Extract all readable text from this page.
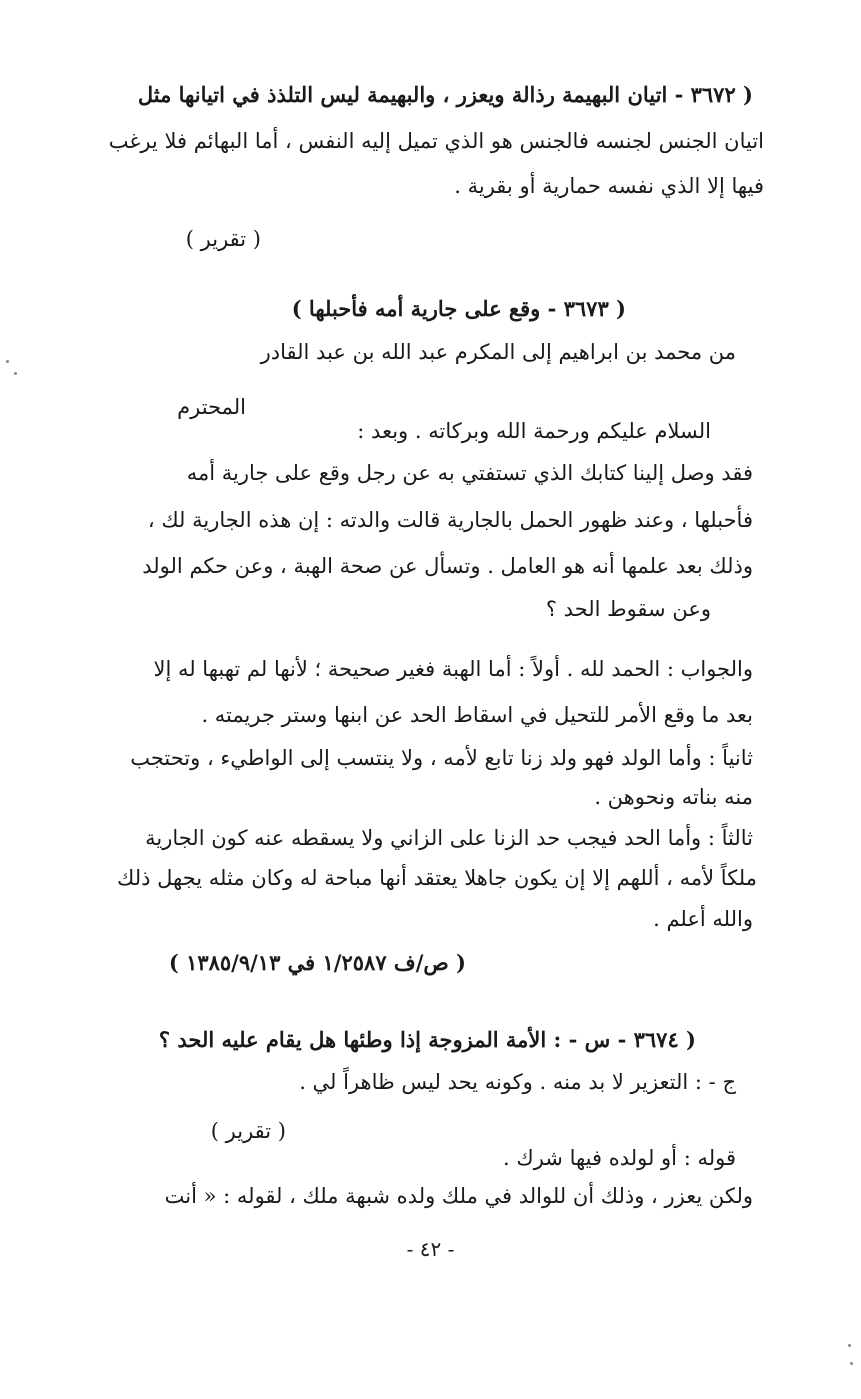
( ٣٦٧٢ - اتيان البهيمة رذالة ويعزر ، والبهيمة ليس التلذذ في اتيانها مثل
اتيان الجنس لجنسه فالجنس هو الذي تميل إليه النفس ، أما البهائم فلا يرغب
فيها إلا الذي نفسه حمارية أو بقرية .
( تقرير )
( ٣٦٧٣ - وقع على جارية أمه فأحبلها )
من محمد بن ابراهيم إلى المكرم عبد الله بن عبد القادر
المحترم
السلام عليكم ورحمة الله وبركاته . وبعد :
فقد وصل إلينا كتابك الذي تستفتي به عن رجل وقع على جارية أمه
فأحبلها ، وعند ظهور الحمل بالجارية قالت والدته : إن هذه الجارية لك ،
وذلك بعد علمها أنه هو العامل . وتسأل عن صحة الهبة ، وعن حكم الولد
وعن سقوط الحد ؟
والجواب : الحمد لله . أولاً : أما الهبة فغير صحيحة ؛ لأنها لم تهبها له إلا
بعد ما وقع الأمر للتحيل في اسقاط الحد عن ابنها وستر جريمته .
ثانياً : وأما الولد فهو ولد زنا تابع لأمه ، ولا ينتسب إلى الواطيء ، وتحتجب
منه بناته ونحوهن .
ثالثاً : وأما الحد فيجب حد الزنا على الزاني ولا يسقطه عنه كون الجارية
ملكاً لأمه ، أللهم إلا إن يكون جاهلا يعتقد أنها مباحة له وكان مثله يجهل ذلك
والله أعلم .
( ص/ف ١/٢٥٨٧ في ١٣٨٥/٩/١٣ )
( ٣٦٧٤ - س - : الأمة المزوجة إذا وطئها هل يقام عليه الحد ؟
ج - : التعزير لا بد منه . وكونه يحد ليس ظاهراً لي .
( تقرير )
قوله : أو لولده فيها شرك .
ولكن يعزر ، وذلك أن للوالد في ملك ولده شبهة ملك ، لقوله : « أنت
- ٤٢ -
